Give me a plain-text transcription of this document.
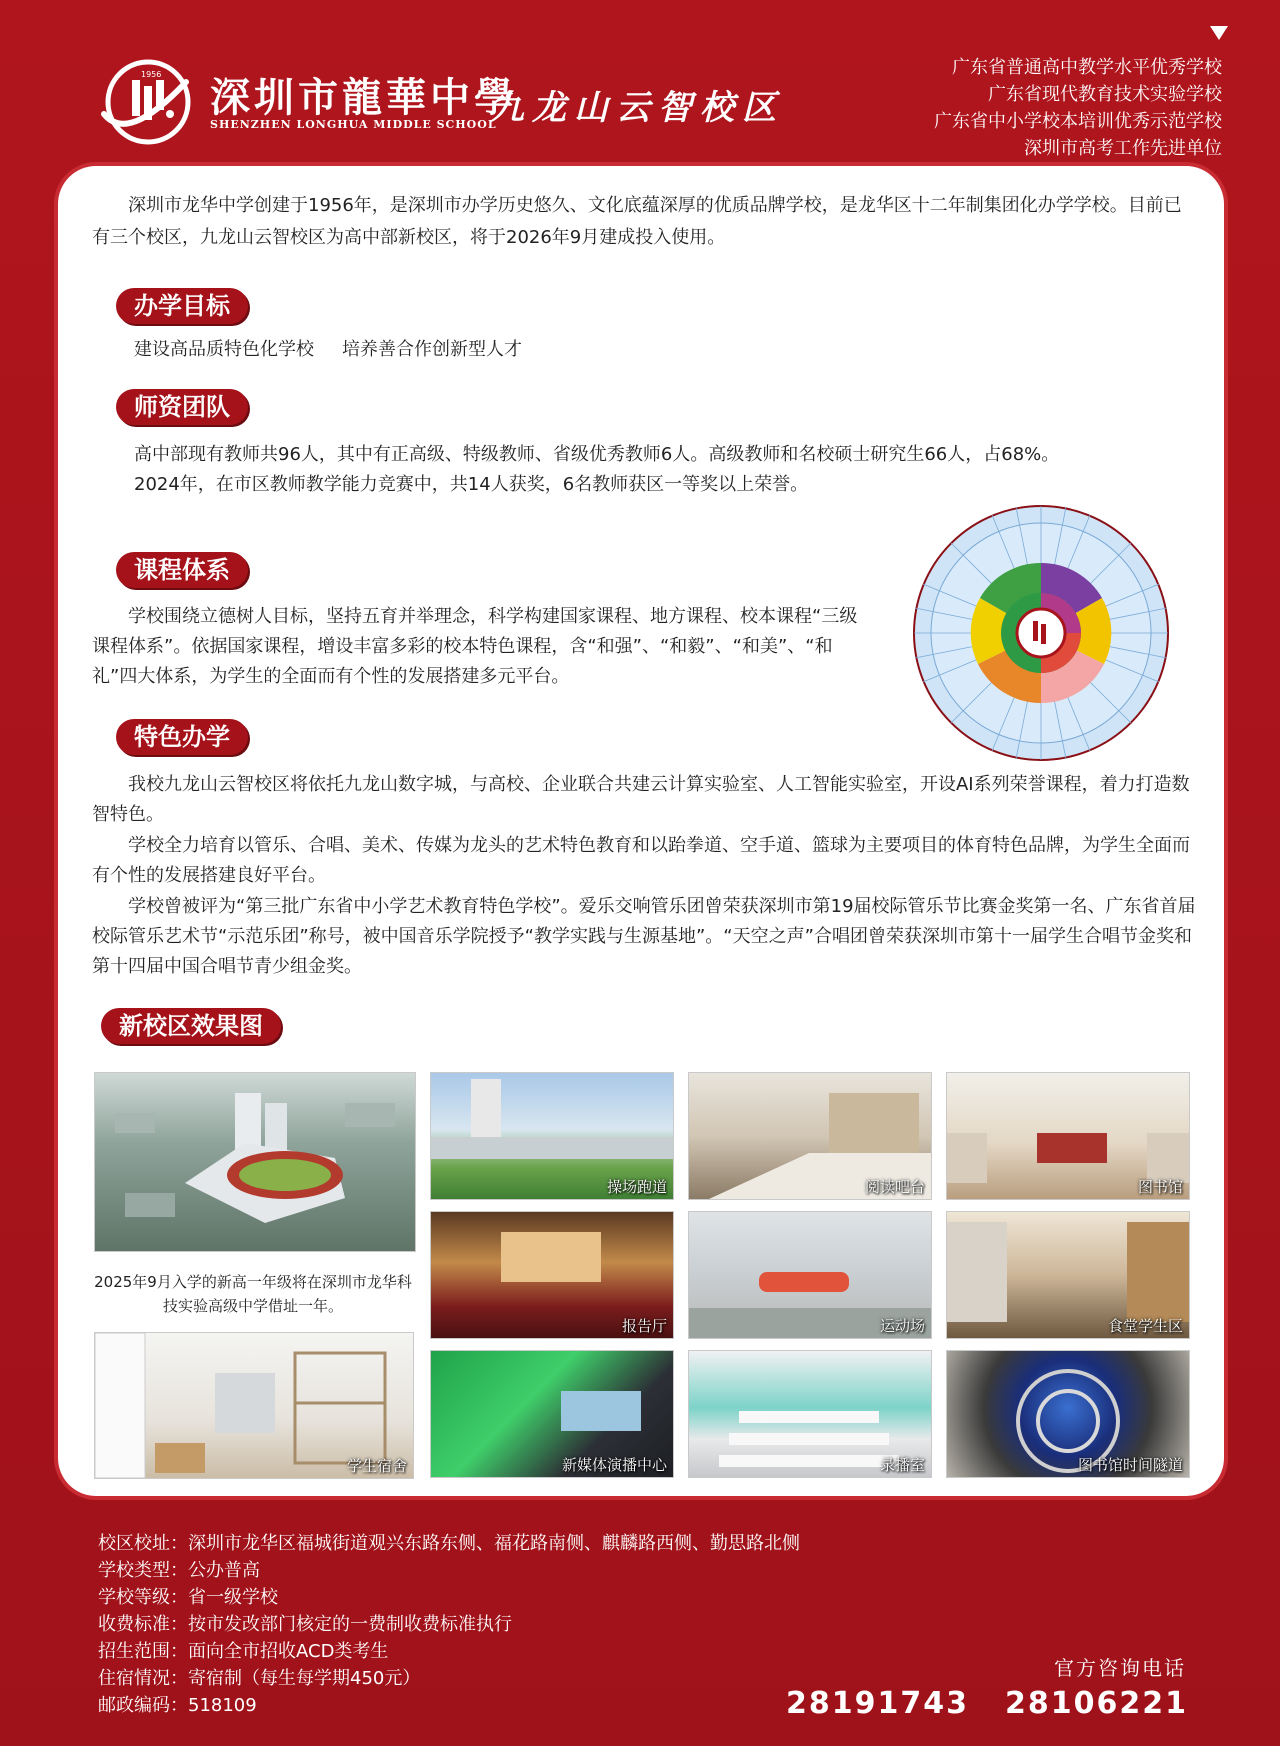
1956 深圳市龍華中學
SHENZHEN LONGHUA MIDDLE SCHOOL
九龙山云智校区
广东省普通高中教学水平优秀学校
广东省现代教育技术实验学校
广东省中小学校本培训优秀示范学校
深圳市高考工作先进单位

深圳市龙华中学创建于1956年，是深圳市办学历史悠久、文化底蕴深厚的优质品牌学校，是龙华区十二年制集团化办学学校。目前已有三个校区，九龙山云智校区为高中部新校区，将于2026年9月建成投入使用。

办学目标
建设高品质特色化学校 培养善合作创新型人才
师资团队

高中部现有教师共96人，其中有正高级、特级教师、省级优秀教师6人。高级教师和名校硕士研究生66人，占68%。

2024年，在市区教师教学能力竞赛中，共14人获奖，6名教师获区一等奖以上荣誉。

课程体系

学校围绕立德树人目标，坚持五育并举理念，科学构建国家课程、地方课程、校本课程“三级课程体系”。依据国家课程，增设丰富多彩的校本特色课程，含“和强”、“和毅”、“和美”、“和礼”四大体系，为学生的全面而有个性的发展搭建多元平台。

特色办学

我校九龙山云智校区将依托九龙山数字城，与高校、企业联合共建云计算实验室、人工智能实验室，开设AI系列荣誉课程，着力打造数智特色。

学校全力培育以管乐、合唱、美术、传媒为龙头的艺术特色教育和以跆拳道、空手道、篮球为主要项目的体育特色品牌，为学生全面而有个性的发展搭建良好平台。

学校曾被评为“第三批广东省中小学艺术教育特色学校”。爱乐交响管乐团曾荣获深圳市第19届校际管乐节比赛金奖第一名、广东省首届校际管乐艺术节“示范乐团”称号，被中国音乐学院授予“教学实践与生源基地”。“天空之声”合唱团曾荣获深圳市第十一届学生合唱节金奖和第十四届中国合唱节青少组金奖。

新校区效果图
2025年9月入学的新高一年级将在深圳市龙华科技实验高级中学借址一年。
学生宿舍
操场跑道	阅读吧台	图书馆
报告厅	运动场	食堂学生区
新媒体演播中心	录播室	图书馆时间隧道
校区校址：深圳市龙华区福城街道观兴东路东侧、福花路南侧、麒麟路西侧、勤思路北侧
学校类型：公办普高
学校等级：省一级学校
收费标准：按市发改部门核定的一费制收费标准执行
招生范围：面向全市招收ACD类考生
住宿情况：寄宿制（每生每学期450元）
邮政编码：518109
官方咨询电话
28191743 28106221
